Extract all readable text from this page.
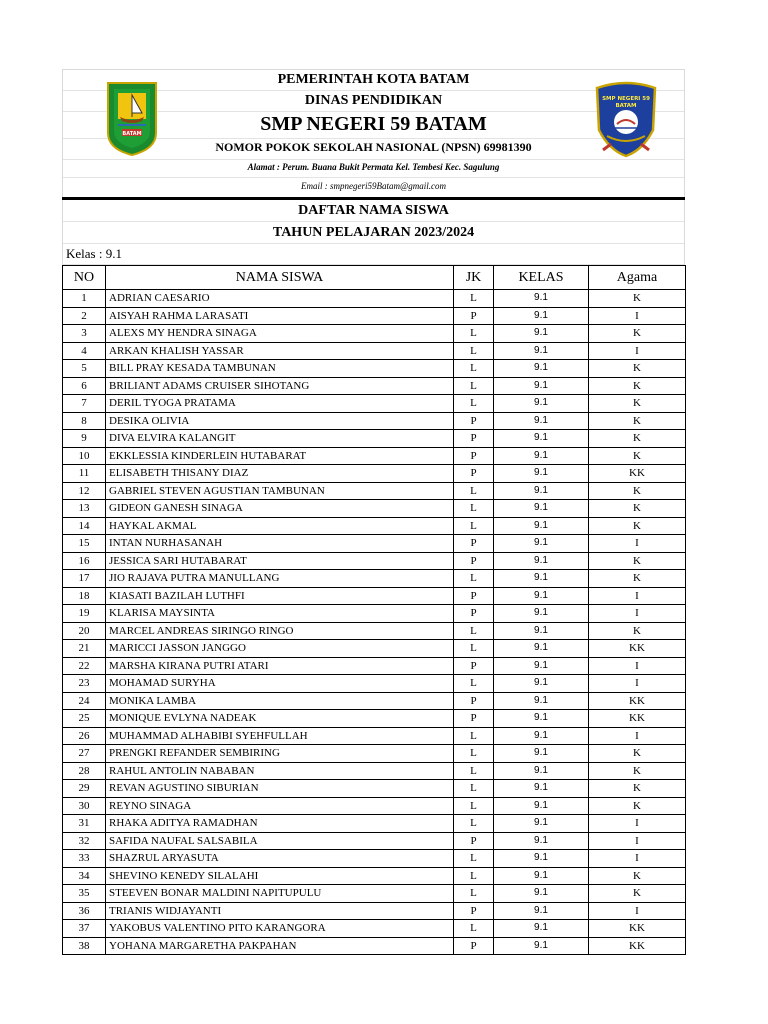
BATAM
SMP NEGERI 59
BATAM
PEMERINTAH KOTA BATAM
DINAS PENDIDIKAN
SMP NEGERI 59 BATAM
NOMOR POKOK SEKOLAH NASIONAL (NPSN) 69981390
Alamat : Perum. Buana Bukit Permata Kel. Tembesi Kec. Sagulung
Email : smpnegeri59Batam@gmail.com
DAFTAR NAMA SISWA
TAHUN PELAJARAN 2023/2024
Kelas : 9.1
NO	NAMA SISWA	JK	KELAS	Agama
1	ADRIAN CAESARIO	L	9.1	K
2	AISYAH RAHMA LARASATI	P	9.1	I
3	ALEXS MY HENDRA SINAGA	L	9.1	K
4	ARKAN KHALISH YASSAR	L	9.1	I
5	BILL PRAY KESADA TAMBUNAN	L	9.1	K
6	BRILIANT ADAMS CRUISER SIHOTANG	L	9.1	K
7	DERIL TYOGA PRATAMA	L	9.1	K
8	DESIKA OLIVIA	P	9.1	K
9	DIVA ELVIRA KALANGIT	P	9.1	K
10	EKKLESSIA KINDERLEIN HUTABARAT	P	9.1	K
11	ELISABETH THISANY DIAZ	P	9.1	KK
12	GABRIEL STEVEN AGUSTIAN TAMBUNAN	L	9.1	K
13	GIDEON GANESH SINAGA	L	9.1	K
14	HAYKAL AKMAL	L	9.1	K
15	INTAN NURHASANAH	P	9.1	I
16	JESSICA SARI HUTABARAT	P	9.1	K
17	JIO RAJAVA PUTRA MANULLANG	L	9.1	K
18	KIASATI BAZILAH LUTHFI	P	9.1	I
19	KLARISA MAYSINTA	P	9.1	I
20	MARCEL ANDREAS SIRINGO RINGO	L	9.1	K
21	MARICCI JASSON JANGGO	L	9.1	KK
22	MARSHA KIRANA PUTRI ATARI	P	9.1	I
23	MOHAMAD SURYHA	L	9.1	I
24	MONIKA LAMBA	P	9.1	KK
25	MONIQUE EVLYNA NADEAK	P	9.1	KK
26	MUHAMMAD ALHABIBI SYEHFULLAH	L	9.1	I
27	PRENGKI REFANDER SEMBIRING	L	9.1	K
28	RAHUL ANTOLIN NABABAN	L	9.1	K
29	REVAN AGUSTINO SIBURIAN	L	9.1	K
30	REYNO SINAGA	L	9.1	K
31	RHAKA ADITYA RAMADHAN	L	9.1	I
32	SAFIDA NAUFAL SALSABILA	P	9.1	I
33	SHAZRUL ARYASUTA	L	9.1	I
34	SHEVINO KENEDY SILALAHI	L	9.1	K
35	STEEVEN BONAR MALDINI NAPITUPULU	L	9.1	K
36	TRIANIS WIDJAYANTI	P	9.1	I
37	YAKOBUS VALENTINO PITO KARANGORA	L	9.1	KK
38	YOHANA MARGARETHA PAKPAHAN	P	9.1	KK
